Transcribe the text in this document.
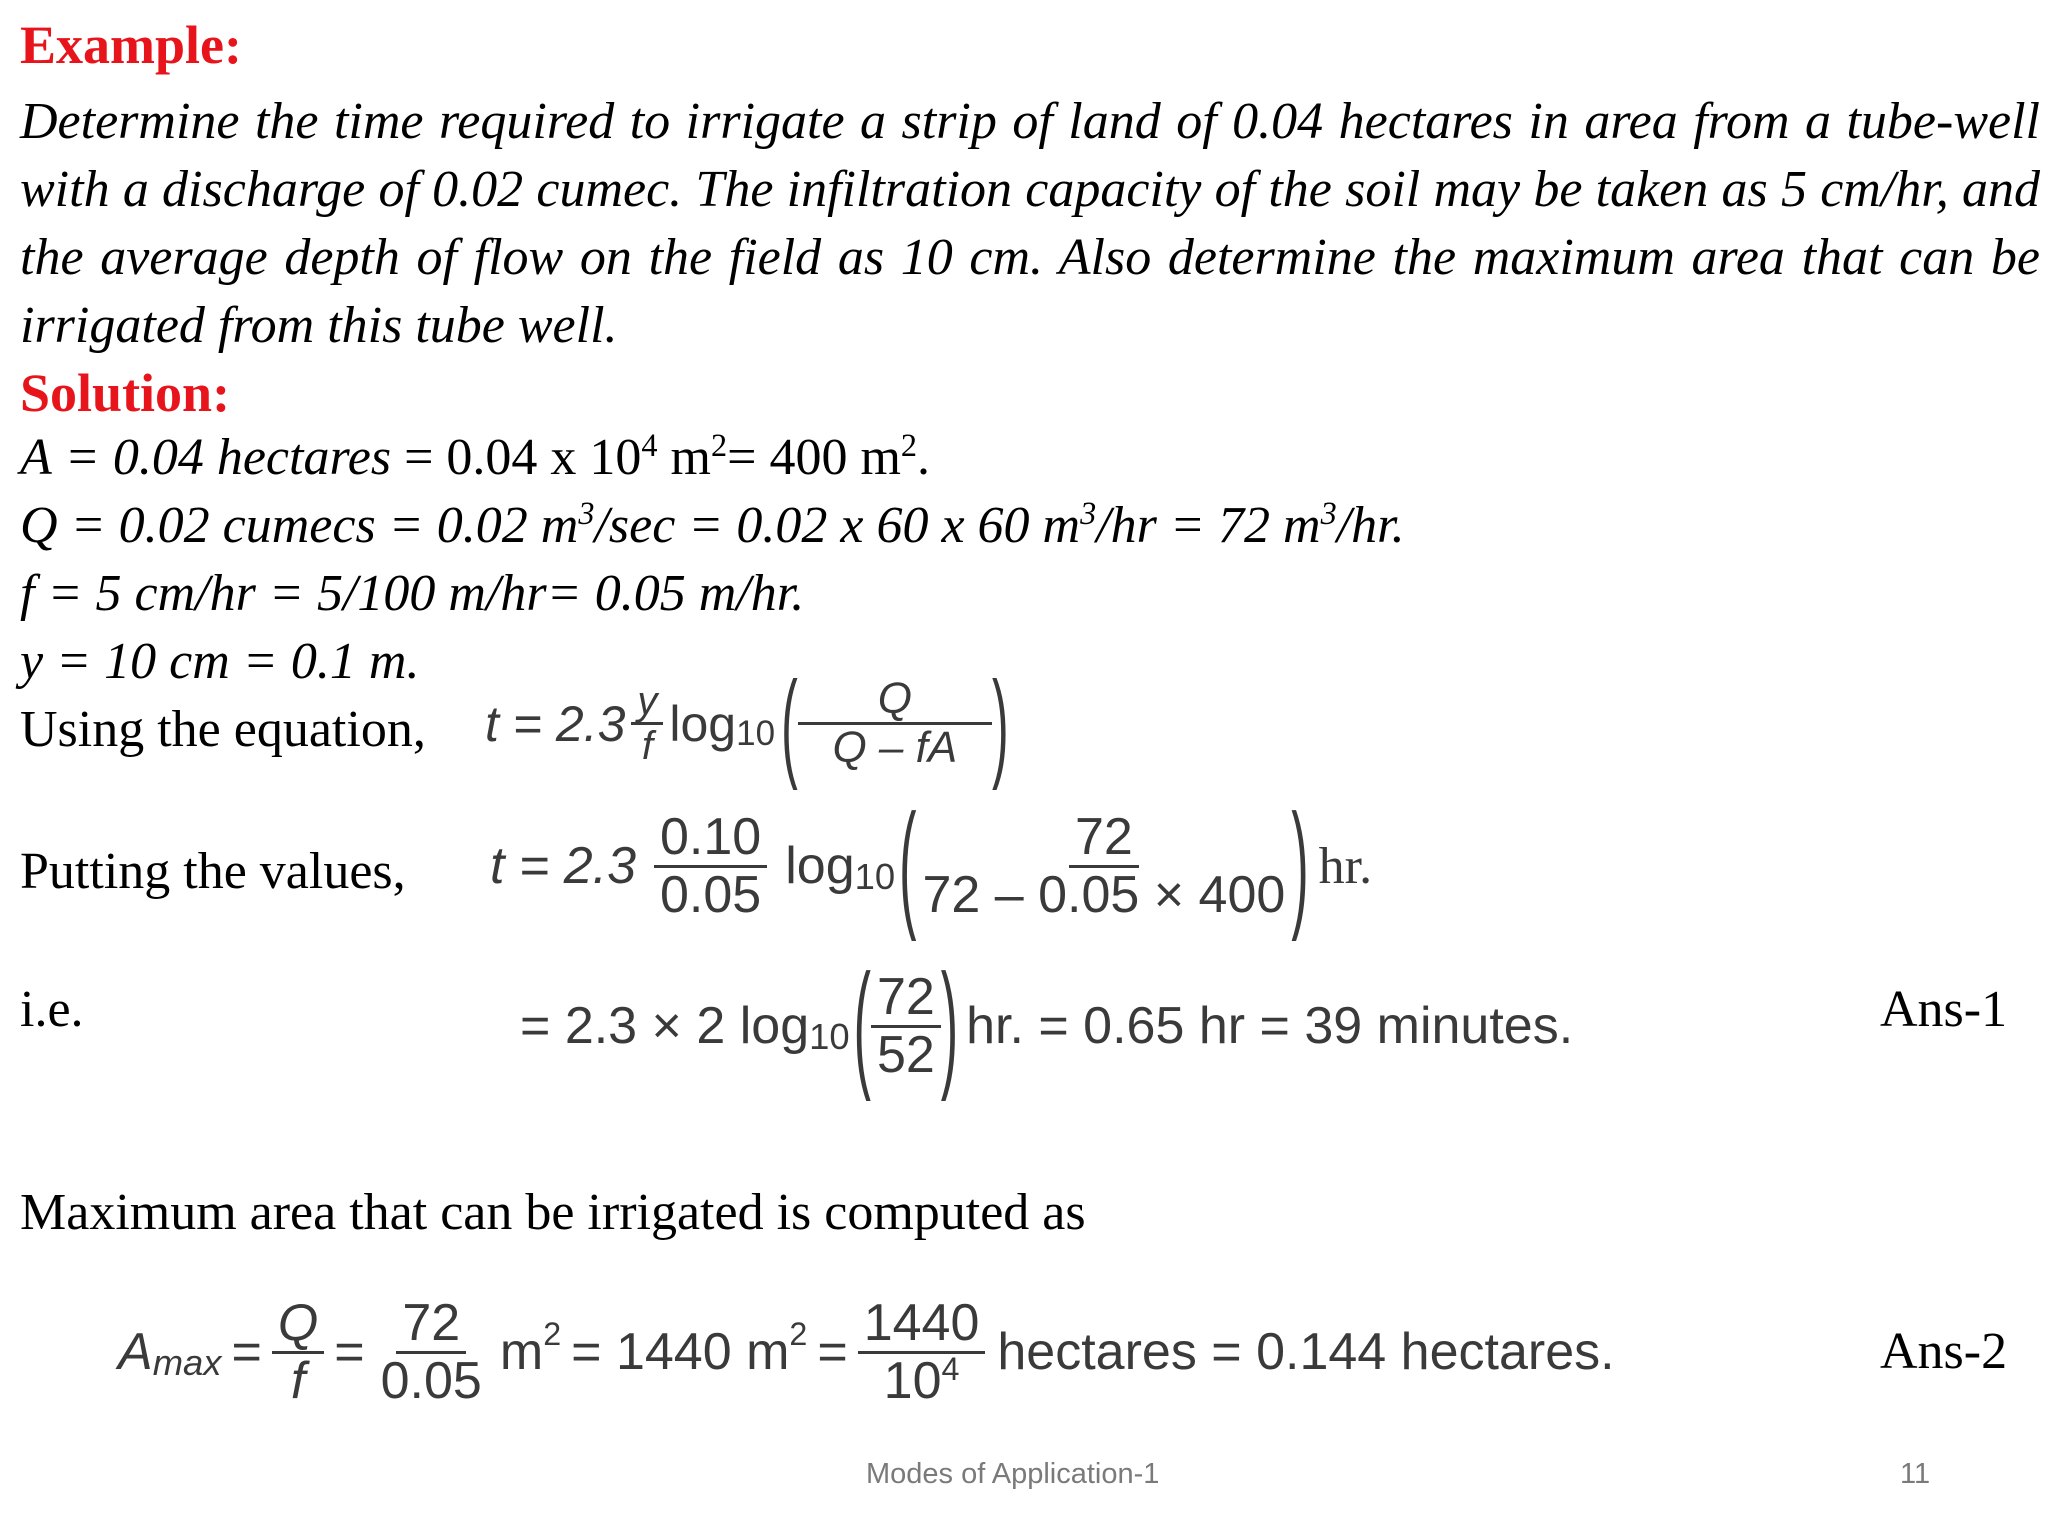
Example:
Determine the time required to irrigate a strip of land of 0.04 hectares in area from a tube-well with a discharge of 0.02 cumec. The infiltration capacity of the soil may be taken as 5 cm/hr, and the average depth of flow on the field as 10 cm. Also determine the maximum area that can be irrigated from this tube well.
Solution:
A = 0.04 hectares = 0.04 x $10^4$ $m^2= 400$ $m^2$.
Q = 0.02 cumecs = 0.02 $m^3/\sec = 0.02$ x 60 x 60 $m^3/hr = 72$ $m^3/hr$.
f = 5 cm/hr = 5/100 m/hr= 0.05 m/hr.
y = 10 cm = 0.1 m.
Using the equation, $t = 2.3 \frac{y}{f}$ log 10 ( $\frac{Q}{Q - fA}$ )
Putting the values, $t = 2.3 \frac{0.10}{0.05}$ log 10 ( $\frac{72}{72 - 0.05 \times 400}$ ) hr.
i.e.	= 2.3 × 2 log 10 ( $\frac{72}{52}$ ) hr. = 0.65 hr = 39 minutes.	Ans-1
Maximum area that can be irrigated is computed as
A $\max = \frac{Q}{f} = \frac{72}{0.05} m^2 = 1440$ $m^2 = \frac{1440}{10^4}$ hectares = 0.144 hectares.	Ans-2
Modes of Application-1	11
